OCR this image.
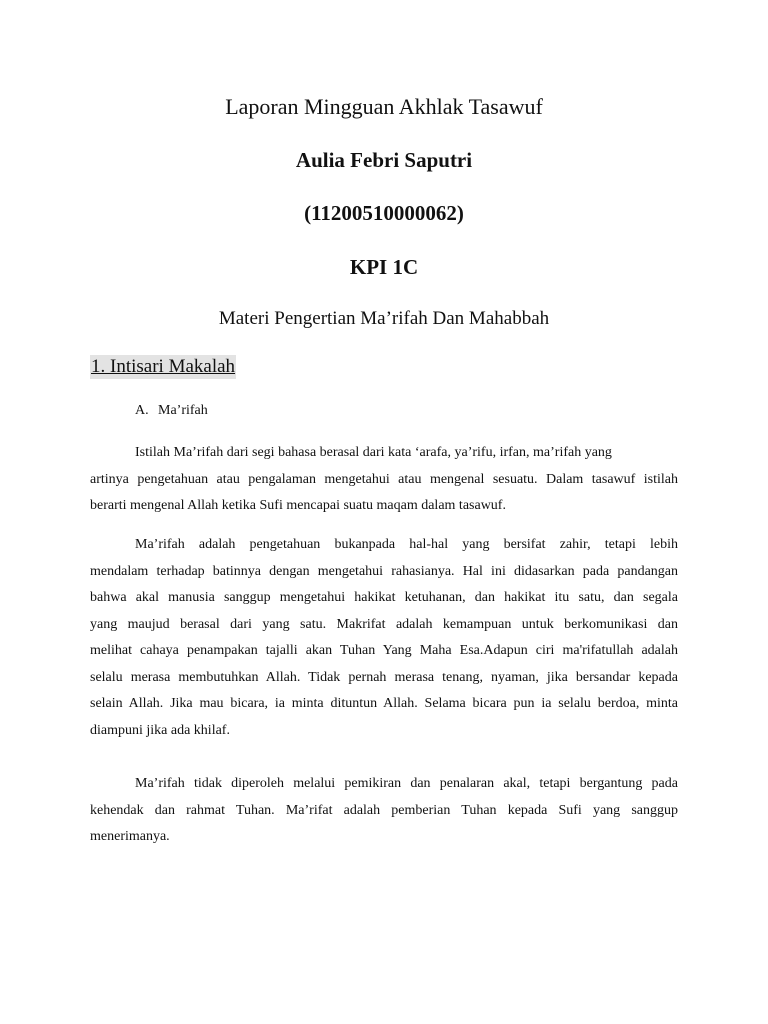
Laporan Mingguan Akhlak Tasawuf
Aulia Febri Saputri
(11200510000062)
KPI 1C
Materi Pengertian Ma’rifah Dan Mahabbah
1. Intisari Makalah
A. Ma’rifah
Istilah Ma’rifah dari segi bahasa berasal dari kata ‘arafa, ya’rifu, irfan, ma’rifah yang
artinya pengetahuan atau pengalaman mengetahui atau mengenal sesuatu. Dalam tasawuf istilah
berarti mengenal Allah ketika Sufi mencapai suatu maqam dalam tasawuf.
Ma’rifah adalah pengetahuan bukanpada hal-hal yang bersifat zahir, tetapi lebih
mendalam terhadap batinnya dengan mengetahui rahasianya. Hal ini didasarkan pada pandangan
bahwa akal manusia sanggup mengetahui hakikat ketuhanan, dan hakikat itu satu, dan segala
yang maujud berasal dari yang satu. Makrifat adalah kemampuan untuk berkomunikasi dan
melihat cahaya penampakan tajalli akan Tuhan Yang Maha Esa.Adapun ciri ma'rifatullah adalah
selalu merasa membutuhkan Allah. Tidak pernah merasa tenang, nyaman, jika bersandar kepada
selain Allah. Jika mau bicara, ia minta dituntun Allah. Selama bicara pun ia selalu berdoa, minta
diampuni jika ada khilaf.
Ma’rifah tidak diperoleh melalui pemikiran dan penalaran akal, tetapi bergantung pada
kehendak dan rahmat Tuhan. Ma’rifat adalah pemberian Tuhan kepada Sufi yang sanggup
menerimanya.
